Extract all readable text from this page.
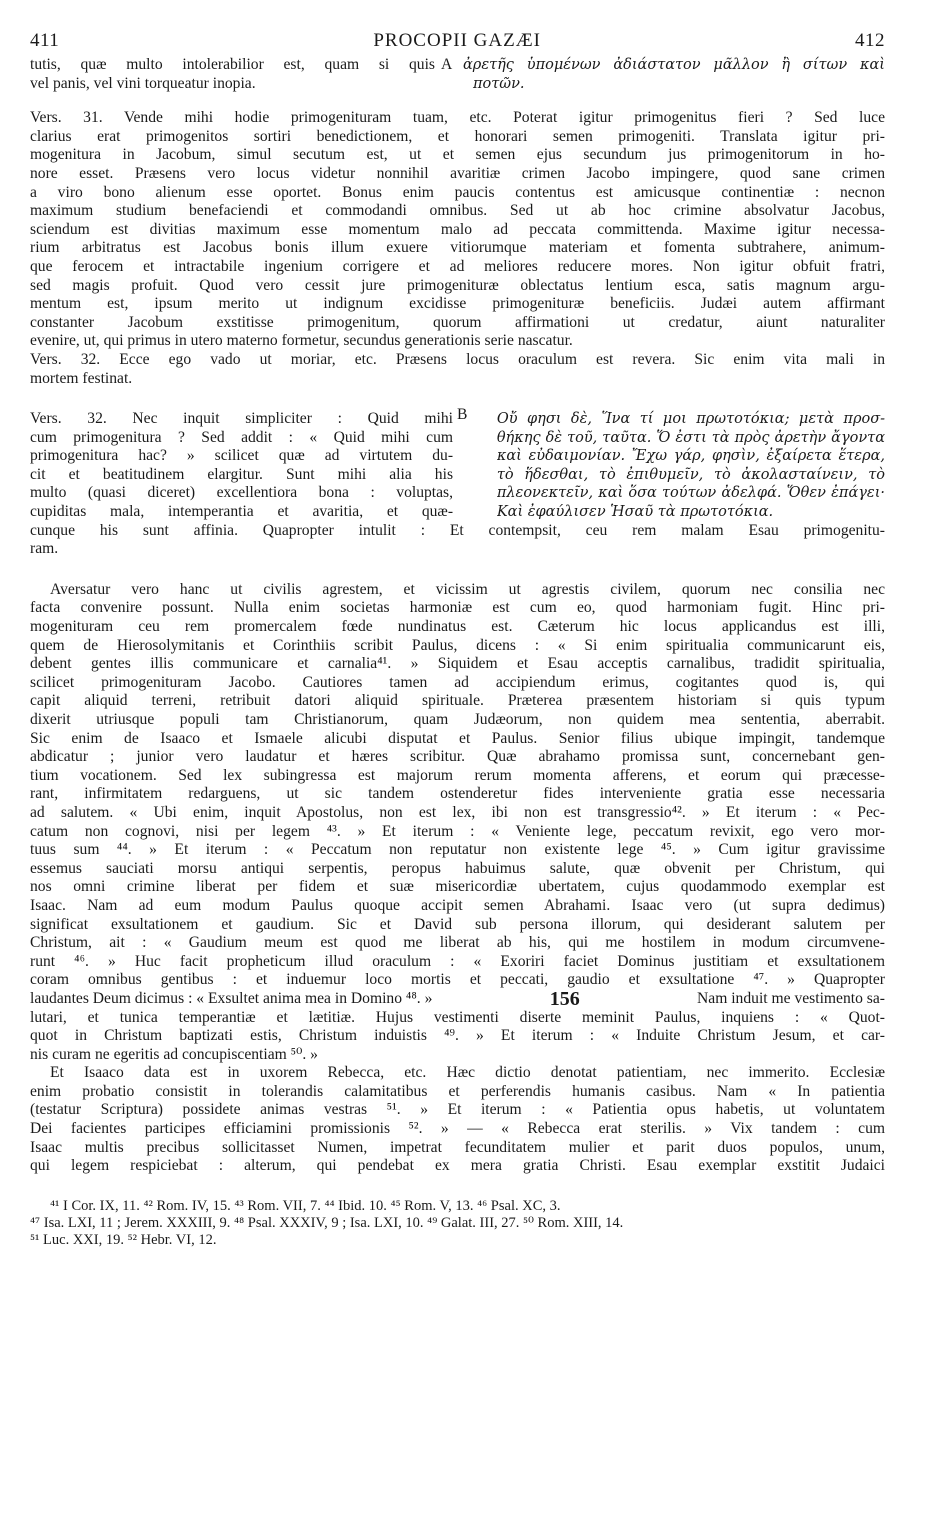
411	PROCOPII GAZÆI	412
tutis, quæ multo intolerabilior est, quam si quis
vel panis, vel vini torqueatur inopia.
A ἀρετῆς ὑπομένων ἀδιάστατον μᾶλλον ἢ σίτων καὶ
ποτῶν.
Vers. 31. Vende mihi hodie primogenituram tuam, etc. Poterat igitur primogenitus fieri ? Sed luce
clarius erat primogenitos sortiri benedictionem, et honorari semen primogeniti. Translata igitur pri-
mogenitura in Jacobum, simul secutum est, ut et semen ejus secundum jus primogenitorum in ho-
nore esset. Præsens vero locus videtur nonnihil avaritiæ crimen Jacobo impingere, quod sane crimen
a viro bono alienum esse oportet. Bonus enim paucis contentus est amicusque continentiæ : necnon
maximum studium benefaciendi et commodandi omnibus. Sed ut ab hoc crimine absolvatur Jacobus,
sciendum est divitias maximum esse momentum malo ad peccata committenda. Maxime igitur necessa-
rium arbitratus est Jacobus bonis illum exuere vitiorumque materiam et fomenta subtrahere, animum-
que ferocem et intractabile ingenium corrigere et ad meliores reducere mores. Non igitur obfuit fratri,
sed magis profuit. Quod vero cessit jure primogenituræ oblectatus lentium esca, satis magnum argu-
mentum est, ipsum merito ut indignum excidisse primogenituræ beneficiis. Judæi autem affirmant
constanter Jacobum exstitisse primogenitum, quorum affirmationi ut credatur, aiunt naturaliter
evenire, ut, qui primus in utero materno formetur, secundus generationis serie nascatur.
Vers. 32. Ecce ego vado ut moriar, etc. Præsens locus oraculum est revera. Sic enim vita mali in
mortem festinat.
Vers. 32. Nec inquit simpliciter : Quid mihi
cum primogenitura ? Sed addit : « Quid mihi cum
primogenitura hac? » scilicet quæ ad virtutem du-
cit et beatitudinem elargitur. Sunt mihi alia his
multo (quasi diceret) excellentiora bona : voluptas,
cupiditas mala, intemperantia et avaritia, et quæ-
B	Οὔ φησι δὲ, Ἵνα τί μοι πρωτοτόκια; μετὰ προσ-
θήκης δὲ τοῦ, ταῦτα. Ὅ ἐστι τὰ πρὸς ἀρετὴν ἄγοντα
καὶ εὐδαιμονίαν. Ἔχω γάρ, φησὶν, ἐξαίρετα ἕτερα,
τὸ ἥδεσθαι, τὸ ἐπιθυμεῖν, τὸ ἀκολασταίνειν, τὸ
πλεονεκτεῖν, καὶ ὅσα τούτων ἀδελφά. Ὅθεν ἐπάγει·
Καὶ ἐφαύλισεν Ἡσαῦ τὰ πρωτοτόκια.
cunque his sunt affinia. Quapropter intulit : Et contempsit, ceu rem malam Esau primogenitu-
ram.
Aversatur vero hanc ut civilis agrestem, et vicissim ut agrestis civilem, quorum nec consilia nec
facta convenire possunt. Nulla enim societas harmoniæ est cum eo, quod harmoniam fugit. Hinc pri-
mogenituram ceu rem promercalem fœde nundinatus est. Cæterum hic locus applicandus est illi,
quem de Hierosolymitanis et Corinthiis scribit Paulus, dicens : « Si enim spiritualia communicarunt eis,
debent gentes illis communicare et carnalia⁴¹. » Siquidem et Esau acceptis carnalibus, tradidit spiritualia,
scilicet primogenituram Jacobo. Cautiores tamen ad accipiendum erimus, cogitantes quod is, qui
capit aliquid terreni, retribuit datori aliquid spirituale. Præterea præsentem historiam si quis typum
dixerit utriusque populi tam Christianorum, quam Judæorum, non quidem mea sententia, aberrabit.
Sic enim de Isaaco et Ismaele alicubi disputat et Paulus. Senior filius ubique impingit, tandemque
abdicatur ; junior vero laudatur et hæres scribitur. Quæ abrahamo promissa sunt, concernebant gen-
tium vocationem. Sed lex subingressa est majorum rerum momenta afferens, et eorum qui præcesse-
rant, infirmitatem redarguens, ut sic tandem ostenderetur fides interveniente gratia esse necessaria
ad salutem. « Ubi enim, inquit Apostolus, non est lex, ibi non est transgressio⁴². » Et iterum : « Pec-
catum non cognovi, nisi per legem ⁴³. » Et iterum : « Veniente lege, peccatum revixit, ego vero mor-
tuus sum ⁴⁴. » Et iterum : « Peccatum non reputatur non existente lege ⁴⁵. » Cum igitur gravissime
essemus sauciati morsu antiqui serpentis, peropus habuimus salute, quæ obvenit per Christum, qui
nos omni crimine liberat per fidem et suæ misericordiæ ubertatem, cujus quodammodo exemplar est
Isaac. Nam ad eum modum Paulus quoque accipit semen Abrahami. Isaac vero (ut supra dedimus)
significat exsultationem et gaudium. Sic et David sub persona illorum, qui desiderant salutem per
Christum, ait : « Gaudium meum est quod me liberat ab his, qui me hostilem in modum circumvene-
runt ⁴⁶. » Huc facit propheticum illud oraculum : « Exoriri faciet Dominus justitiam et exsultationem
coram omnibus gentibus : et induemur loco mortis et peccati, gaudio et exsultatione ⁴⁷. » Quapropter
laudantes Deum dicimus : « Exsultet anima mea in Domino ⁴⁸. »	156	Nam induit me vestimento sa-
lutari, et tunica temperantiæ et lætitiæ. Hujus vestimenti diserte meminit Paulus, inquiens : « Quot-
quot in Christum baptizati estis, Christum induistis ⁴⁹. » Et iterum : « Induite Christum Jesum, et car-
nis curam ne egeritis ad concupiscentiam ⁵⁰. »
Et Isaaco data est in uxorem Rebecca, etc. Hæc dictio denotat patientiam, nec immerito. Ecclesiæ
enim probatio consistit in tolerandis calamitatibus et perferendis humanis casibus. Nam « In patientia
(testatur Scriptura) possidete animas vestras ⁵¹. » Et iterum : « Patientia opus habetis, ut voluntatem
Dei facientes participes efficiamini promissionis ⁵². » — « Rebecca erat sterilis. » Vix tandem : cum
Isaac multis precibus sollicitasset Numen, impetrat fecunditatem mulier et parit duos populos, unum,
qui legem respiciebat : alterum, qui pendebat ex mera gratia Christi. Esau exemplar exstitit Judaici
⁴¹ I Cor. IX, 11. ⁴² Rom. IV, 15. ⁴³ Rom. VII, 7. ⁴⁴ Ibid. 10. ⁴⁵ Rom. V, 13. ⁴⁶ Psal. XC, 3.
⁴⁷ Isa. LXI, 11 ; Jerem. XXXIII, 9. ⁴⁸ Psal. XXXIV, 9 ; Isa. LXI, 10. ⁴⁹ Galat. III, 27. ⁵⁰ Rom. XIII, 14.
⁵¹ Luc. XXI, 19. ⁵² Hebr. VI, 12.
